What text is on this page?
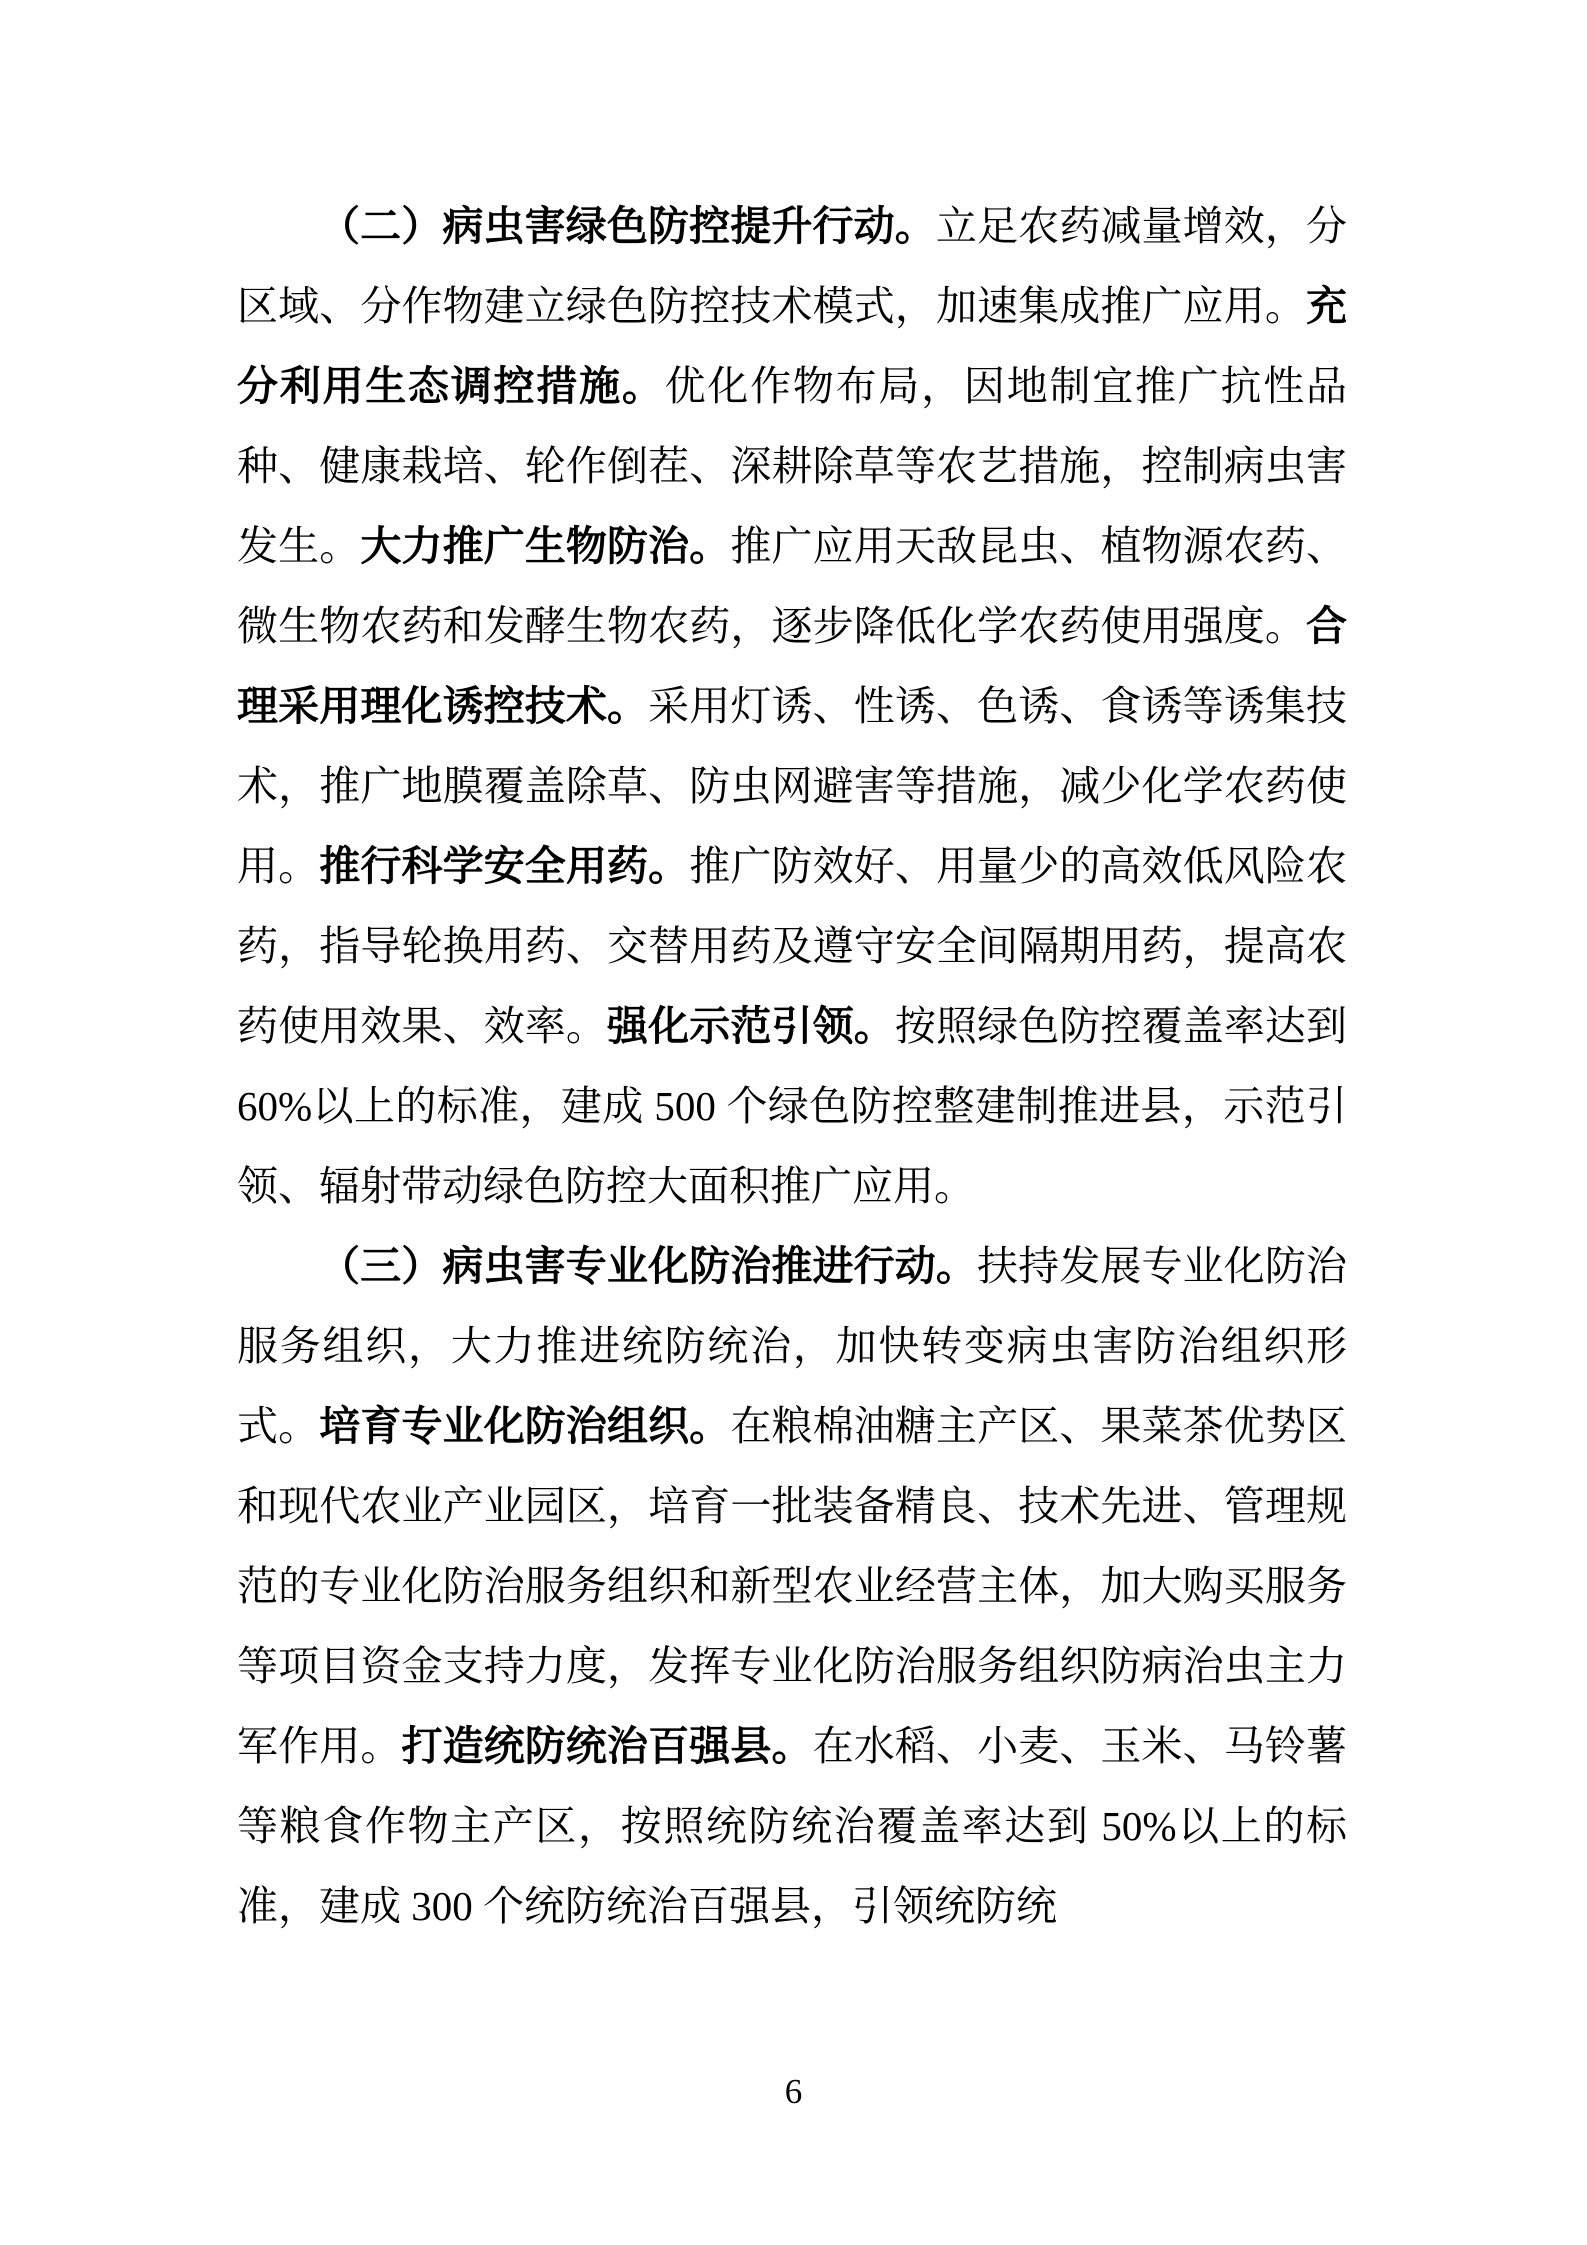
（二）病虫害绿色防控提升行动。立足农药减量增效，分区域、分作物建立绿色防控技术模式，加速集成推广应用。充分利用生态调控措施。优化作物布局，因地制宜推广抗性品种、健康栽培、轮作倒茬、深耕除草等农艺措施，控制病虫害发生。大力推广生物防治。推广应用天敌昆虫、植物源农药、微生物农药和发酵生物农药，逐步降低化学农药使用强度。合理采用理化诱控技术。采用灯诱、性诱、色诱、食诱等诱集技术，推广地膜覆盖除草、防虫网避害等措施，减少化学农药使用。推行科学安全用药。推广防效好、用量少的高效低风险农药，指导轮换用药、交替用药及遵守安全间隔期用药，提高农药使用效果、效率。强化示范引领。按照绿色防控覆盖率达到 60%以上的标准，建成 500 个绿色防控整建制推进县，示范引领、辐射带动绿色防控大面积推广应用。

（三）病虫害专业化防治推进行动。扶持发展专业化防治服务组织，大力推进统防统治，加快转变病虫害防治组织形式。培育专业化防治组织。在粮棉油糖主产区、果菜茶优势区和现代农业产业园区，培育一批装备精良、技术先进、管理规范的专业化防治服务组织和新型农业经营主体，加大购买服务等项目资金支持力度，发挥专业化防治服务组织防病治虫主力军作用。打造统防统治百强县。在水稻、小麦、玉米、马铃薯等粮食作物主产区，按照统防统治覆盖率达到 50%以上的标准，建成 300 个统防统治百强县，引领统防统

6
